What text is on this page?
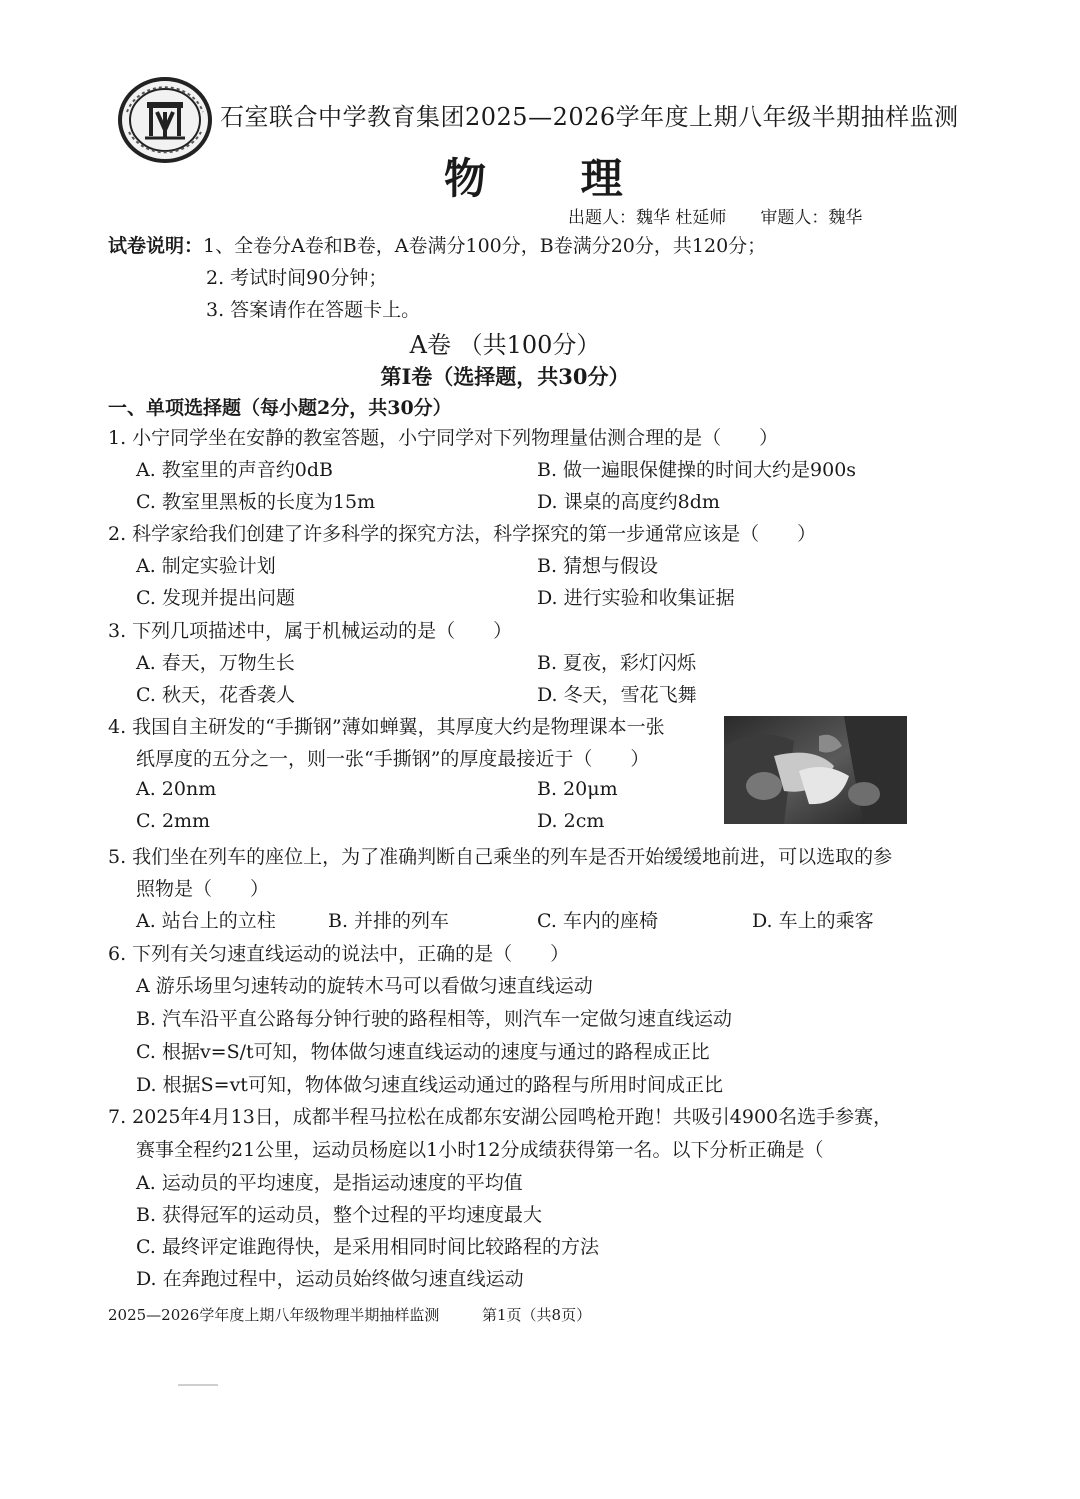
石室联合中学教育集团2025—2026学年度上期八年级半期抽样监测
物 理
出题人：魏华 杜延师　　审题人：魏华
试卷说明： 1、全卷分A卷和B卷，A卷满分100分，B卷满分20分，共120分；
2. 考试时间90分钟；
3. 答案请作在答题卡上。
A卷 （共100分）
第Ⅰ卷（选择题，共30分）
一、单项选择题（每小题2分，共30分）
1. 小宁同学坐在安静的教室答题，小宁同学对下列物理量估测合理的是（　　）
A. 教室里的声音约0dB	B. 做一遍眼保健操的时间大约是900s
C. 教室里黑板的长度为15m	D. 课桌的高度约8dm
2. 科学家给我们创建了许多科学的探究方法，科学探究的第一步通常应该是（　　）
A. 制定实验计划	B. 猜想与假设
C. 发现并提出问题	D. 进行实验和收集证据
3. 下列几项描述中，属于机械运动的是（　　）
A. 春天，万物生长	B. 夏夜，彩灯闪烁
C. 秋天，花香袭人	D. 冬天，雪花飞舞
4. 我国自主研发的“手撕钢”薄如蝉翼，其厚度大约是物理课本一张
纸厚度的五分之一，则一张“手撕钢”的厚度最接近于（　　）
A. 20nm	B. 20μm
C. 2mm	D. 2cm
5. 我们坐在列车的座位上，为了准确判断自己乘坐的列车是否开始缓缓地前进，可以选取的参
照物是（　　）
A. 站台上的立柱	B. 并排的列车	C. 车内的座椅	D. 车上的乘客
6. 下列有关匀速直线运动的说法中，正确的是（　　）
A 游乐场里匀速转动的旋转木马可以看做匀速直线运动
B. 汽车沿平直公路每分钟行驶的路程相等，则汽车一定做匀速直线运动
C. 根据v=S/t可知，物体做匀速直线运动的速度与通过的路程成正比
D. 根据S=vt可知，物体做匀速直线运动通过的路程与所用时间成正比
7. 2025年4月13日，成都半程马拉松在成都东安湖公园鸣枪开跑！共吸引4900名选手参赛，
赛事全程约21公里，运动员杨庭以1小时12分成绩获得第一名。以下分析正确是（
A. 运动员的平均速度，是指运动速度的平均值
B. 获得冠军的运动员，整个过程的平均速度最大
C. 最终评定谁跑得快，是采用相同时间比较路程的方法
D. 在奔跑过程中，运动员始终做匀速直线运动
2025—2026学年度上期八年级物理半期抽样监测	第1页（共8页）
